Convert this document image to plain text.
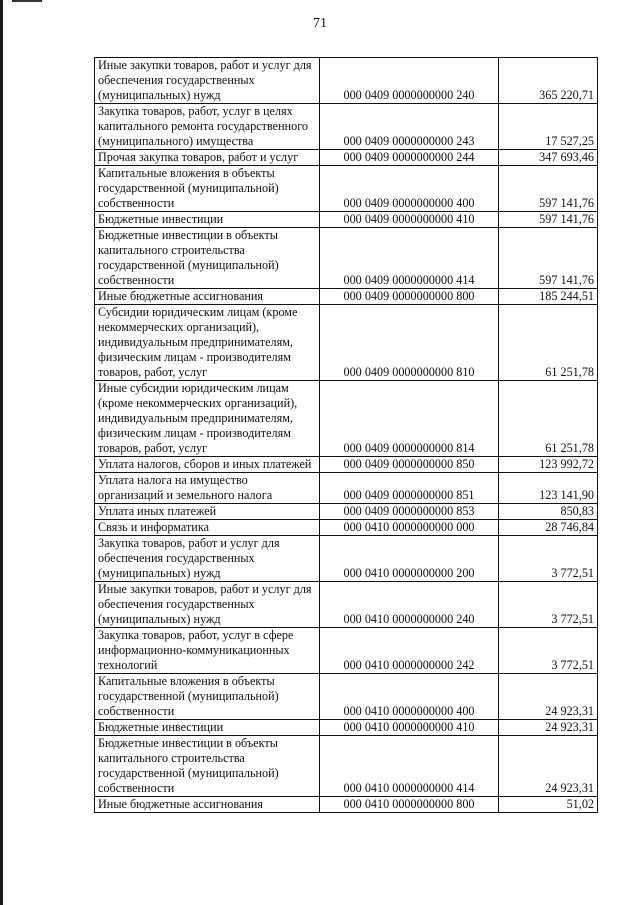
71
Иные закупки товаров, работ и услуг для обеспечения государственных (муниципальных) нужд	000 0409 0000000000 240	365 220,71
Закупка товаров, работ, услуг в целях капитального ремонта государственного (муниципального) имущества	000 0409 0000000000 243	17 527,25
Прочая закупка товаров, работ и услуг	000 0409 0000000000 244	347 693,46
Капитальные вложения в объекты государственной (муниципальной) собственности	000 0409 0000000000 400	597 141,76
Бюджетные инвестиции	000 0409 0000000000 410	597 141,76
Бюджетные инвестиции в объекты капитального строительства государственной (муниципальной) собственности	000 0409 0000000000 414	597 141,76
Иные бюджетные ассигнования	000 0409 0000000000 800	185 244,51
Субсидии юридическим лицам (кроме некоммерческих организаций), индивидуальным предпринимателям, физическим лицам - производителям товаров, работ, услуг	000 0409 0000000000 810	61 251,78
Иные субсидии юридическим лицам (кроме некоммерческих организаций), индивидуальным предпринимателям, физическим лицам - производителям товаров, работ, услуг	000 0409 0000000000 814	61 251,78
Уплата налогов, сборов и иных платежей	000 0409 0000000000 850	123 992,72
Уплата налога на имущество организаций и земельного налога	000 0409 0000000000 851	123 141,90
Уплата иных платежей	000 0409 0000000000 853	850,83
Связь и информатика	000 0410 0000000000 000	28 746,84
Закупка товаров, работ и услуг для обеспечения государственных (муниципальных) нужд	000 0410 0000000000 200	3 772,51
Иные закупки товаров, работ и услуг для обеспечения государственных (муниципальных) нужд	000 0410 0000000000 240	3 772,51
Закупка товаров, работ, услуг в сфере информационно-коммуникационных технологий	000 0410 0000000000 242	3 772,51
Капитальные вложения в объекты государственной (муниципальной) собственности	000 0410 0000000000 400	24 923,31
Бюджетные инвестиции	000 0410 0000000000 410	24 923,31
Бюджетные инвестиции в объекты капитального строительства государственной (муниципальной) собственности	000 0410 0000000000 414	24 923,31
Иные бюджетные ассигнования	000 0410 0000000000 800	51,02
